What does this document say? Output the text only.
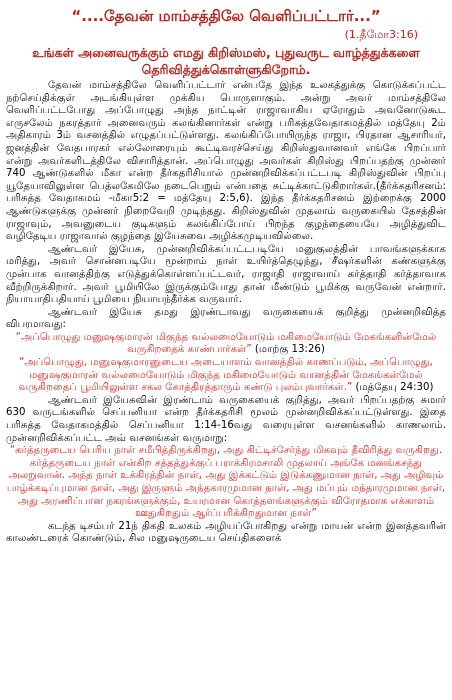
“....தேவன் மாம்சத்திலே வெளிப்பட்டார்...”
(1.தீமோ3:16)
உங்கள் அனைவருக்கும் எமது கிறிஸ்மஸ், புதுவருட வாழ்த்துக்களை தெரிவித்துக்கொள்ளுகிறோம்.

தேவன் மாம்சத்திலே வெளிப்பட்டார் என்பதே இந்த உலகத்துக்கு கொடுக்கப்பட்ட நற்செய்திக்குள் அடங்கியுள்ள முக்கிய பொருளாகும். அன்று அவர் மாம்சத்திலே வெளிப்பட்டபோது அப்போழுது அந்த நாட்டின் ராஜாவாகிய ஏரோதும் அவனோடுகூட எருசலேம் நகரத்தார் அனைவரும் கலங்கினார்கள் என்று பரிசுத்தவேதாகமத்தில் மத்தேயு 2ம் அதிகாரம் 3ம் வசனத்தில் எழுதப்பட்டுள்ளது. கலங்கிப்போயிருந்த ராஜா, பிரதான ஆசாரியர், ஜனத்தின் வேதபாரகர் எல்லோரையும் கூட்டிவரச்செய்து கிறிஸ்துவானவர் எங்கே பிறப்பார் என்று அவர்களிடத்திலே விசாரித்தான். அப்பொழுது அவர்கள் கிறிஸ்து பிறப்பதற்கு முன்னர் 740 ஆண்டுகளில் மீகா என்ற தீர்கதரிசியால் முன்னறிவிக்கப்பட்டபடி கிறிஸ்துவின் பிறப்பு யூதேயாவிலுள்ள பெத்லகேமிலே நடைபெறும் என்பதை சுட்டிக்காட்டுகிறார்கள்.(தீர்க்கதரிசனம்: பரிசுத்த வேதாகமம் -மீகா5:2 = மத்தேயு 2:5,6). இந்த தீர்க்கதரிசனம் இற்றைக்கு 2000 ஆண்டுகளுக்கு முன்னர் நிறைவேறி முடிந்தது. கிறிஸ்துவின் முதலாம் வருகையில் தேசத்தின் ராஜாவும், அவனுடைய குடிகளும் கலங்கிப்போய் பிறந்த குழந்தையையே அழித்துவிட வழிதேடிய ராஜாவால் குழந்தை இயேசுவை அழிக்கமுடியவில்லை.

ஆண்டவர் இயேசு, முன்னறிவிக்கப்பட்டபடியே மனுகுலத்தின் பாவங்களுக்காக மரித்து, அவர் சொன்னபடியே மூன்றாம் நாள் உயிர்த்தெழுந்து, சீஷர்களின் கண்களுக்கு முன்பாக வானத்திற்கு எடுத்துக்கொள்ளப்பட்டவர், ராஜாதி ராஜாவாய் கர்த்தாதி கர்த்தாவாக வீற்றிருக்கிறார். அவர் பூமியிலே இருக்கும்போது தான் மீண்டும் பூமிக்கு வருவேன் என்றார். நியாயாதிபதியாய் பூமியை நியாயந்தீர்க்க வருவார்.

ஆண்டவர் இயேசு தமது இரண்டாவது வருகையைக் குறித்து முன்னறிவித்த விபரமாவது:

“அப்பொழுது மனுஷகுமாரன் மிகுந்த வல்லமையோடும் மகிமையோடும் மேகங்களின்மேல் வருகிறதைக் காண்பார்கள்” (மாற்கு 13:26)

“அப்பொழுது, மனுஷகுமாரனுடைய அடையாளம் வானத்தில் காணப்படும், அப்பொழுது, மனுஷகுமாரன் வல்லமையோடும் மிகுந்த மகிமையோடும் வானத்தின் மேகங்கள்மேல் வருகிறதைப் பூமியிலுள்ள சகல கோத்திரத்தாரும் கண்டு புலம்புவார்கள்.” (மத்தேயு 24:30)

ஆண்டவர் இயேசுவின் இரண்டாம் வருகையைக் குறித்து, அவர் பிறப்பதற்கு சுமார் 630 வருடங்களில் செப்பனியா என்ற தீர்க்கதரிசி மூலம் முன்னறிவிக்கப்பட்டுள்ளது. இதை பரிசுத்த வேதாகமத்தில் செப்பனியா 1:14-16வது வரையுள்ள வசனங்களில் காணலாம். முன்னறிவிக்கப்பட்ட அவ் வசனங்கள் வருமாறு:

“கர்த்தருடைய பெரிய நாள் சமீபித்திருக்கிறது, அது கிட்டிச்சேர்ந்து மிகவும் தீவிரித்து வருகிறது. கர்த்தருடைய நாள் என்கிற சத்தத்துக்குப் பராக்கிரமசாலி முதலாய் அங்கே மனங்கசந்து அலறுவான். அந்த நாள் உக்கிரத்தின் நாள், அது இக்கட்டும் இடுக்கணுமான நாள், அது அழிவும் பாழ்க்கடிப்புமான நாள், அது இருளும் அந்தகாரமுமான நாள், அது மப்பும் மந்தாரமுமான நாள், அது அரணிப்பான நகரங்களுக்கும், உயரமான கொத்தளங்களுக்கும் விரோதமாக எக்காளம் ஊதுகிறதும் ஆர்ப்பரிக்கிறதுமான நாள்”

கடந்த டிசம்பர் 21ந் திகதி உலகம் அழியப்போகிறது என்று மாயன் என்ற இனத்தவரின் காலண்டரைக் கொண்டும், சில மனுஷருடைய செய்திகளைக்
